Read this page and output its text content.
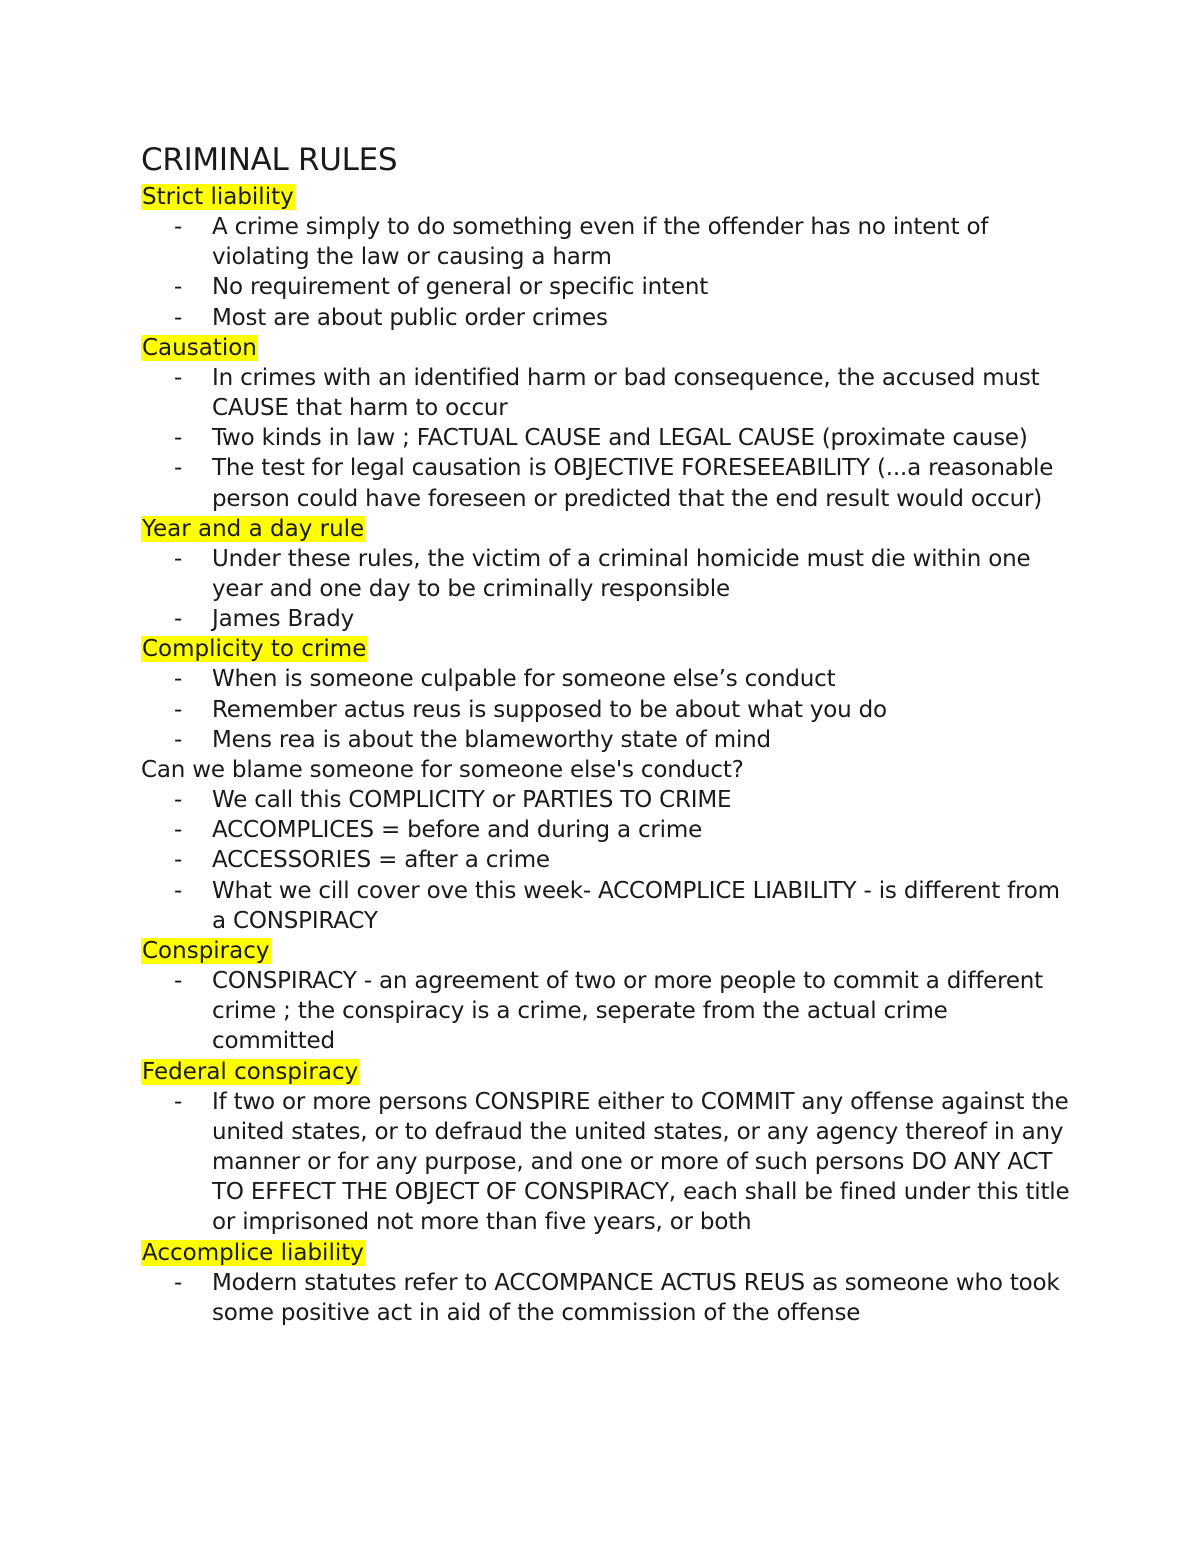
CRIMINAL RULES
Strict liability
- A crime simply to do something even if the offender has no intent of violating the law or causing a harm
- No requirement of general or specific intent
- Most are about public order crimes
Causation
- In crimes with an identified harm or bad consequence, the accused must CAUSE that harm to occur
- Two kinds in law ; FACTUAL CAUSE and LEGAL CAUSE (proximate cause)
- The test for legal causation is OBJECTIVE FORESEEABILITY (...a reasonable person could have foreseen or predicted that the end result would occur)
Year and a day rule
- Under these rules, the victim of a criminal homicide must die within one year and one day to be criminally responsible
- James Brady
Complicity to crime
- When is someone culpable for someone else’s conduct
- Remember actus reus is supposed to be about what you do
- Mens rea is about the blameworthy state of mind

Can we blame someone for someone else's conduct?

- We call this COMPLICITY or PARTIES TO CRIME
- ACCOMPLICES = before and during a crime
- ACCESSORIES = after a crime
- What we cill cover ove this week- ACCOMPLICE LIABILITY - is different from a CONSPIRACY
Conspiracy
- CONSPIRACY - an agreement of two or more people to commit a different crime ; the conspiracy is a crime, seperate from the actual crime committed
Federal conspiracy
- If two or more persons CONSPIRE either to COMMIT any offense against the united states, or to defraud the united states, or any agency thereof in any manner or for any purpose, and one or more of such persons DO ANY ACT TO EFFECT THE OBJECT OF CONSPIRACY, each shall be fined under this title or imprisoned not more than five years, or both
Accomplice liability
- Modern statutes refer to ACCOMPANCE ACTUS REUS as someone who took some positive act in aid of the commission of the offense
